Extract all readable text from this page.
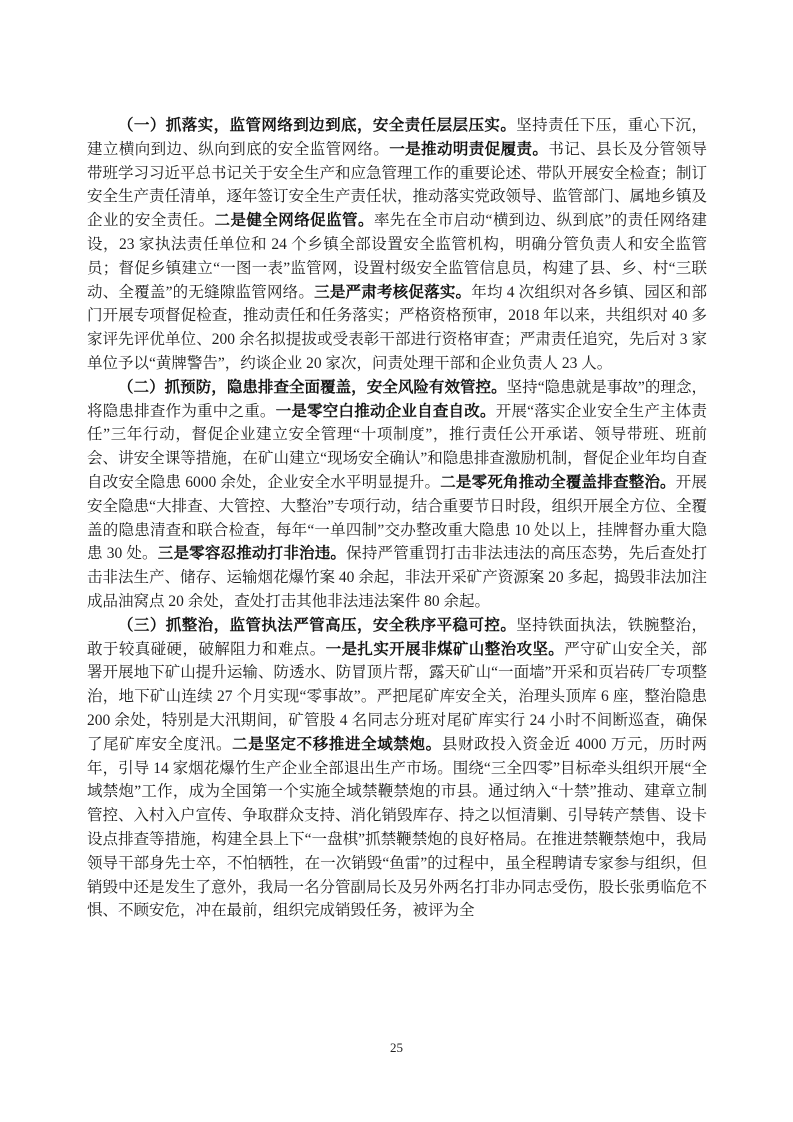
（一）抓落实，监管网络到边到底，安全责任层层压实。坚持责任下压，重心下沉，建立横向到边、纵向到底的安全监管网络。一是推动明责促履责。书记、县长及分管领导带班学习习近平总书记关于安全生产和应急管理工作的重要论述、带队开展安全检查；制订安全生产责任清单，逐年签订安全生产责任状，推动落实党政领导、监管部门、属地乡镇及企业的安全责任。二是健全网络促监管。率先在全市启动“横到边、纵到底”的责任网络建设，23 家执法责任单位和 24 个乡镇全部设置安全监管机构，明确分管负责人和安全监管员；督促乡镇建立“一图一表”监管网，设置村级安全监管信息员，构建了县、乡、村“三联动、全覆盖”的无缝隙监管网络。三是严肃考核促落实。年均 4 次组织对各乡镇、园区和部门开展专项督促检查，推动责任和任务落实；严格资格预审，2018 年以来，共组织对 40 多家评先评优单位、200 余名拟提拔或受表彰干部进行资格审查；严肃责任追究，先后对 3 家单位予以“黄牌警告”，约谈企业 20 家次，问责处理干部和企业负责人 23 人。

（二）抓预防，隐患排查全面覆盖，安全风险有效管控。坚持“隐患就是事故”的理念，将隐患排查作为重中之重。一是零空白推动企业自查自改。开展“落实企业安全生产主体责任”三年行动，督促企业建立安全管理“十项制度”，推行责任公开承诺、领导带班、班前会、讲安全课等措施，在矿山建立“现场安全确认”和隐患排查激励机制，督促企业年均自查自改安全隐患 6000 余处，企业安全水平明显提升。二是零死角推动全覆盖排查整治。开展安全隐患“大排查、大管控、大整治”专项行动，结合重要节日时段，组织开展全方位、全覆盖的隐患清查和联合检查，每年“一单四制”交办整改重大隐患 10 处以上，挂牌督办重大隐患 30 处。三是零容忍推动打非治违。保持严管重罚打击非法违法的高压态势，先后查处打击非法生产、储存、运输烟花爆竹案 40 余起，非法开采矿产资源案 20 多起，捣毁非法加注成品油窝点 20 余处，查处打击其他非法违法案件 80 余起。

（三）抓整治，监管执法严管高压，安全秩序平稳可控。坚持铁面执法，铁腕整治，敢于较真碰硬，破解阻力和难点。一是扎实开展非煤矿山整治攻坚。严守矿山安全关，部署开展地下矿山提升运输、防透水、防冒顶片帮，露天矿山“一面墙”开采和页岩砖厂专项整治，地下矿山连续 27 个月实现“零事故”。严把尾矿库安全关，治理头顶库 6 座，整治隐患 200 余处，特别是大汛期间，矿管股 4 名同志分班对尾矿库实行 24 小时不间断巡查，确保了尾矿库安全度汛。二是坚定不移推进全域禁炮。县财政投入资金近 4000 万元，历时两年，引导 14 家烟花爆竹生产企业全部退出生产市场。围绕“三全四零”目标牵头组织开展“全域禁炮”工作，成为全国第一个实施全域禁鞭禁炮的市县。通过纳入“十禁”推动、建章立制管控、入村入户宣传、争取群众支持、消化销毁库存、持之以恒清剿、引导转产禁售、设卡设点排查等措施，构建全县上下“一盘棋”抓禁鞭禁炮的良好格局。在推进禁鞭禁炮中，我局领导干部身先士卒，不怕牺牲，在一次销毁“鱼雷”的过程中，虽全程聘请专家参与组织，但销毁中还是发生了意外，我局一名分管副局长及另外两名打非办同志受伤，股长张勇临危不惧、不顾安危，冲在最前，组织完成销毁任务，被评为全

25
